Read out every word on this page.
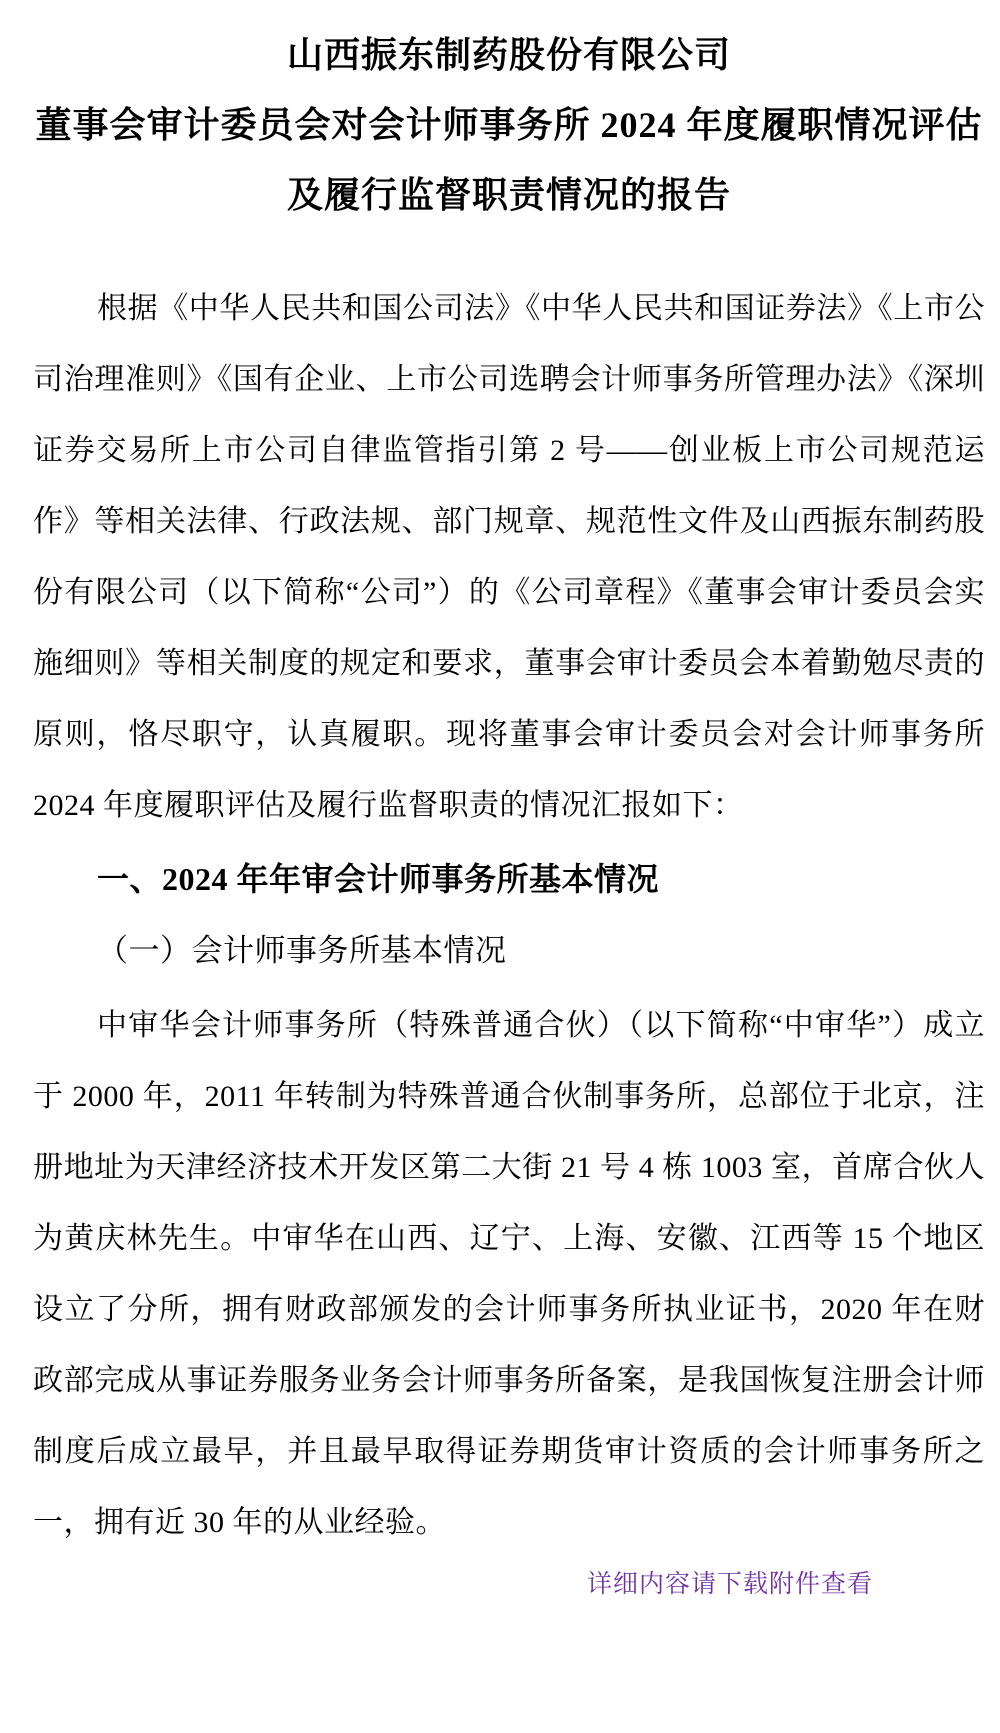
山西振东制药股份有限公司
董事会审计委员会对会计师事务所 2024 年度履职情况评估
及履行监督职责情况的报告

根据《中华人民共和国公司法》《中华人民共和国证券法》《上市公司治理准则》《国有企业、上市公司选聘会计师事务所管理办法》《深圳证券交易所上市公司自律监管指引第 2 号——创业板上市公司规范运作》等相关法律、行政法规、部门规章、规范性文件及山西振东制药股份有限公司（以下简称“公司”）的《公司章程》《董事会审计委员会实施细则》等相关制度的规定和要求，董事会审计委员会本着勤勉尽责的原则，恪尽职守，认真履职。现将董事会审计委员会对会计师事务所 2024 年度履职评估及履行监督职责的情况汇报如下：

一、2024 年年审会计师事务所基本情况

（一）会计师事务所基本情况

中审华会计师事务所（特殊普通合伙）（以下简称“中审华”）成立于 2000 年，2011 年转制为特殊普通合伙制事务所，总部位于北京，注册地址为天津经济技术开发区第二大街 21 号 4 栋 1003 室，首席合伙人为黄庆林先生。中审华在山西、辽宁、上海、安徽、江西等 15 个地区设立了分所，拥有财政部颁发的会计师事务所执业证书，2020 年在财政部完成从事证券服务业务会计师事务所备案，是我国恢复注册会计师制度后成立最早，并且最早取得证券期货审计资质的会计师事务所之一，拥有近 30 年的从业经验。

详细内容请下载附件查看
